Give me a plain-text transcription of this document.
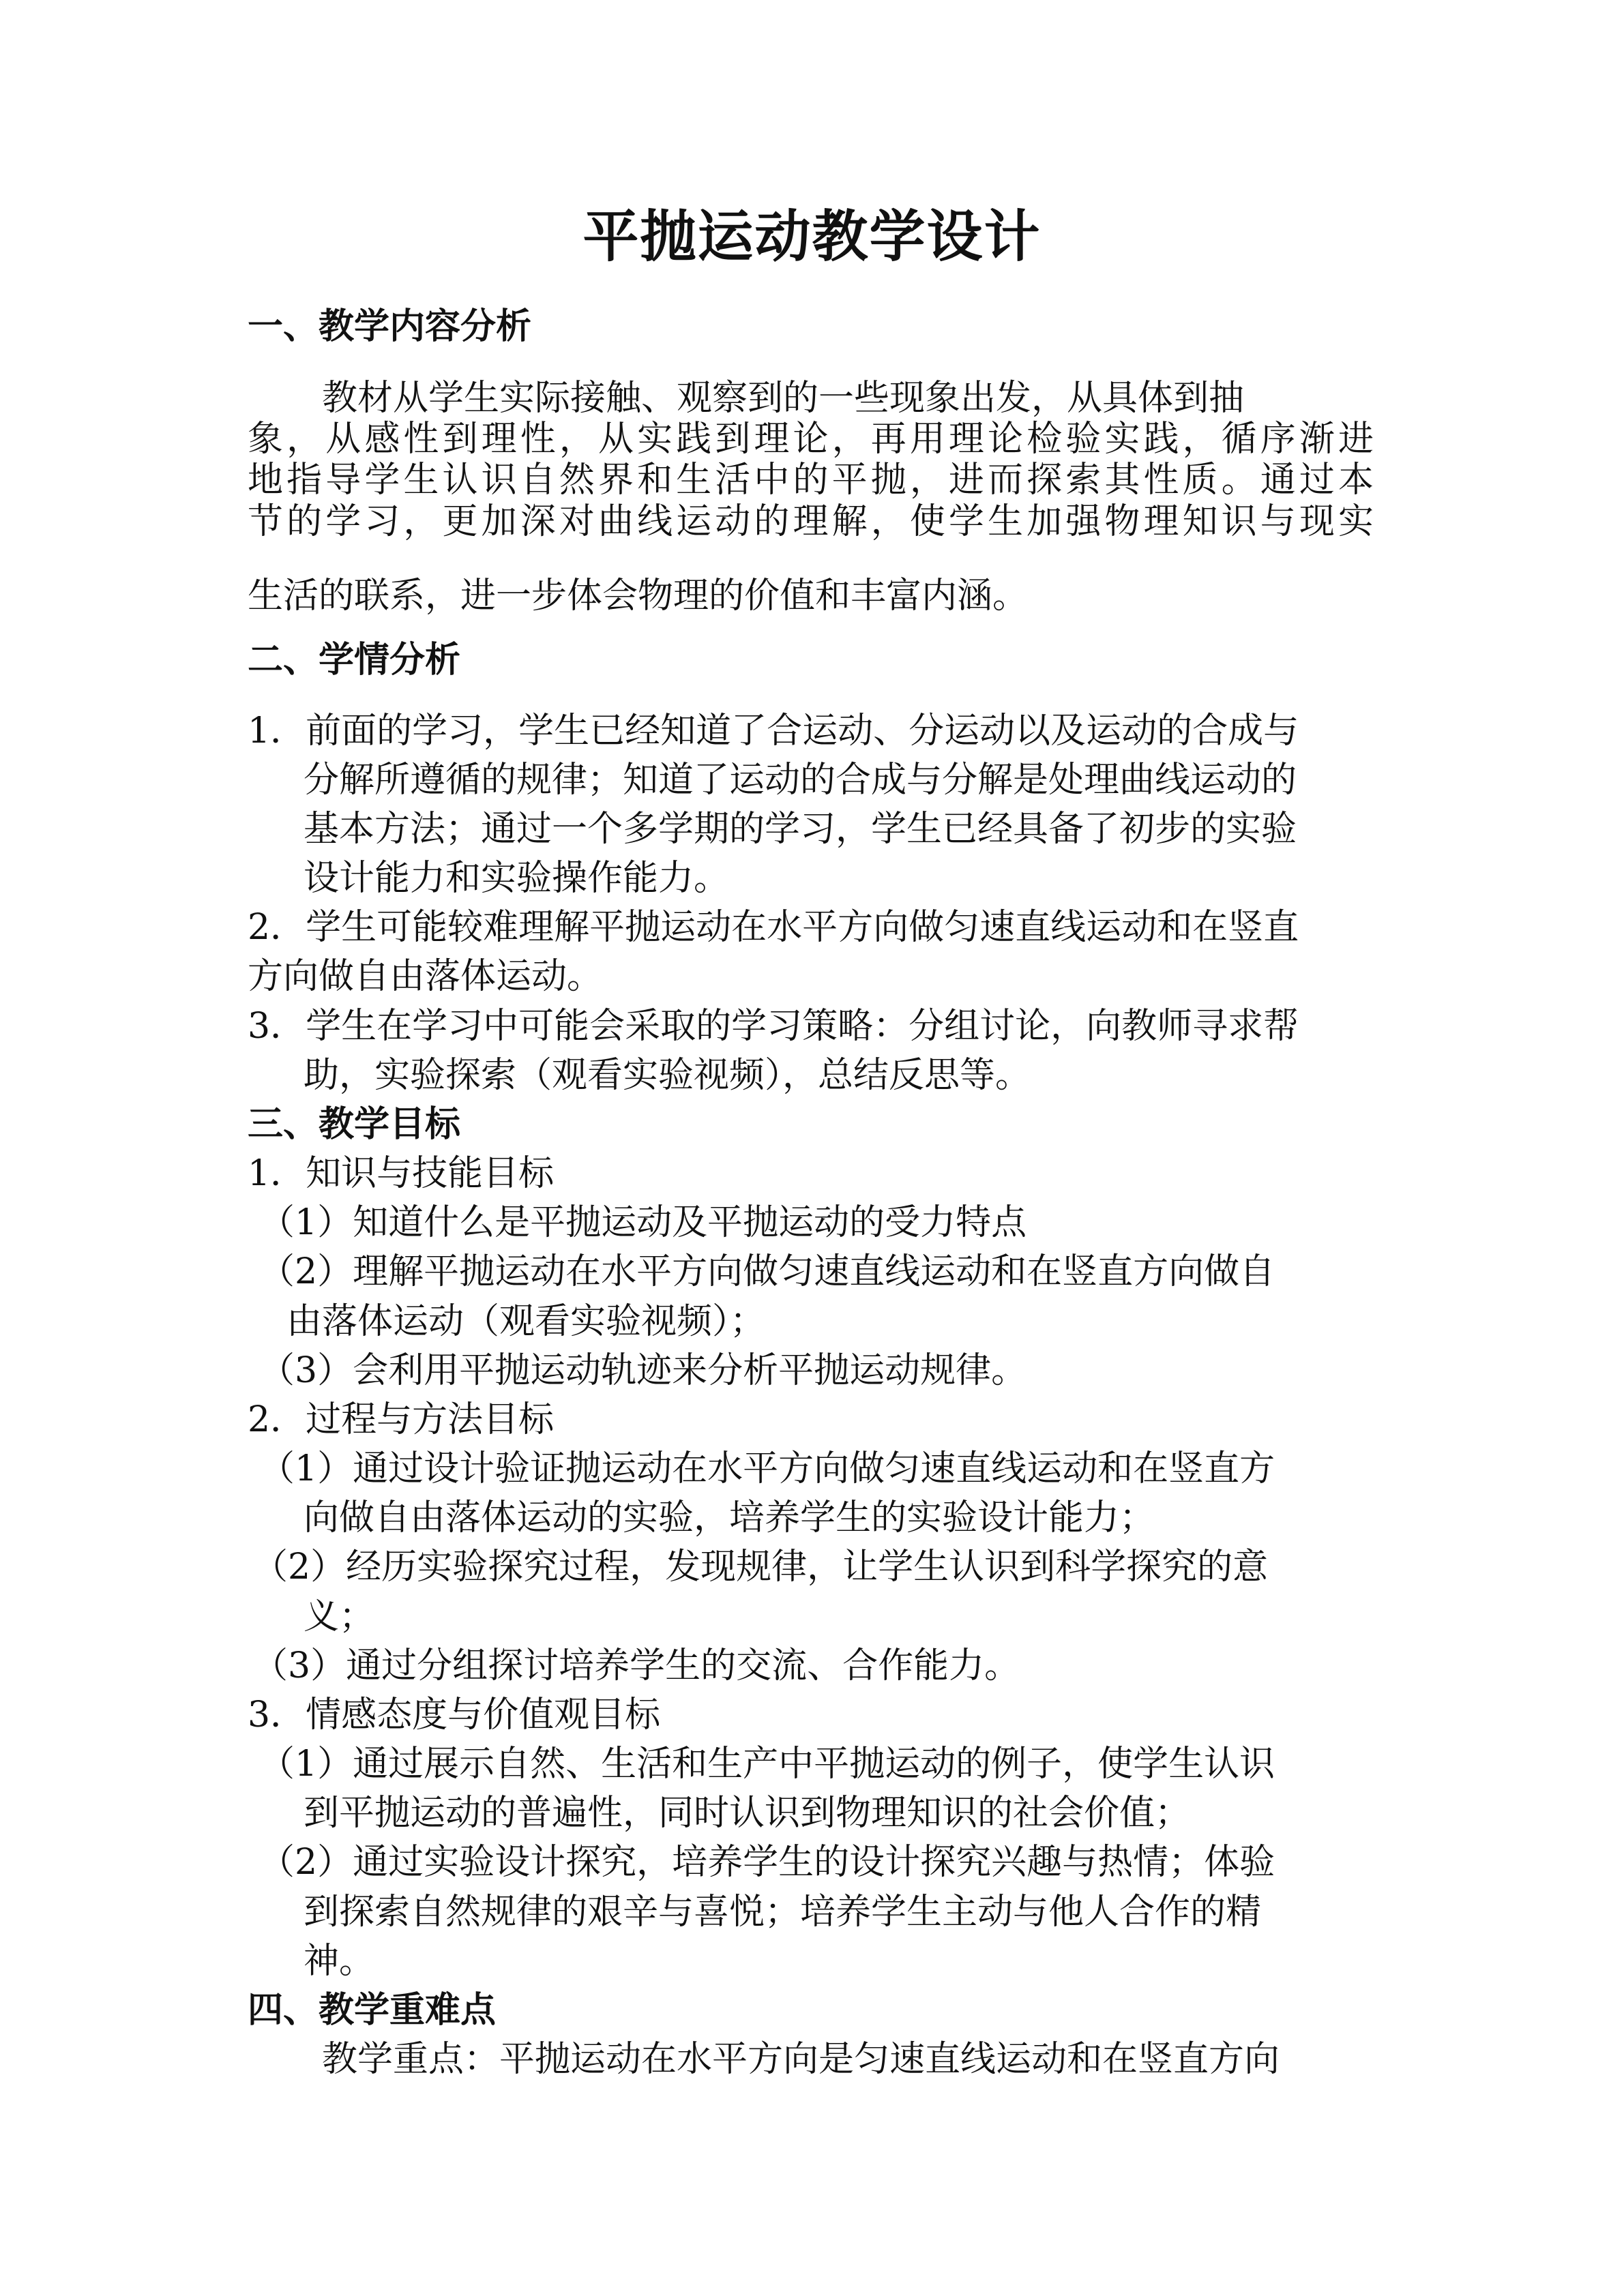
平抛运动教学设计
一、教学内容分析
教材从学生实际接触、观察到的一些现象出发，从具体到抽
象，从感性到理性，从实践到理论，再用理论检验实践，循序渐进
地指导学生认识自然界和生活中的平抛，进而探索其性质。通过本
节的学习，更加深对曲线运动的理解，使学生加强物理知识与现实
生活的联系，进一步体会物理的价值和丰富内涵。
二、学情分析
1．前面的学习，学生已经知道了合运动、分运动以及运动的合成与
分解所遵循的规律；知道了运动的合成与分解是处理曲线运动的
基本方法；通过一个多学期的学习，学生已经具备了初步的实验
设计能力和实验操作能力。
2．学生可能较难理解平抛运动在水平方向做匀速直线运动和在竖直
方向做自由落体运动。
3．学生在学习中可能会采取的学习策略：分组讨论，向教师寻求帮
助，实验探索（观看实验视频），总结反思等。
三、教学目标
1．知识与技能目标
（1）知道什么是平抛运动及平抛运动的受力特点
（2）理解平抛运动在水平方向做匀速直线运动和在竖直方向做自
由落体运动（观看实验视频）；
（3）会利用平抛运动轨迹来分析平抛运动规律。
2．过程与方法目标
（1）通过设计验证抛运动在水平方向做匀速直线运动和在竖直方
向做自由落体运动的实验，培养学生的实验设计能力；
（2）经历实验探究过程，发现规律，让学生认识到科学探究的意
义；
（3）通过分组探讨培养学生的交流、合作能力。
3．情感态度与价值观目标
（1）通过展示自然、生活和生产中平抛运动的例子，使学生认识
到平抛运动的普遍性，同时认识到物理知识的社会价值；
（2）通过实验设计探究，培养学生的设计探究兴趣与热情；体验
到探索自然规律的艰辛与喜悦；培养学生主动与他人合作的精
神。
四、教学重难点
教学重点：平抛运动在水平方向是匀速直线运动和在竖直方向
